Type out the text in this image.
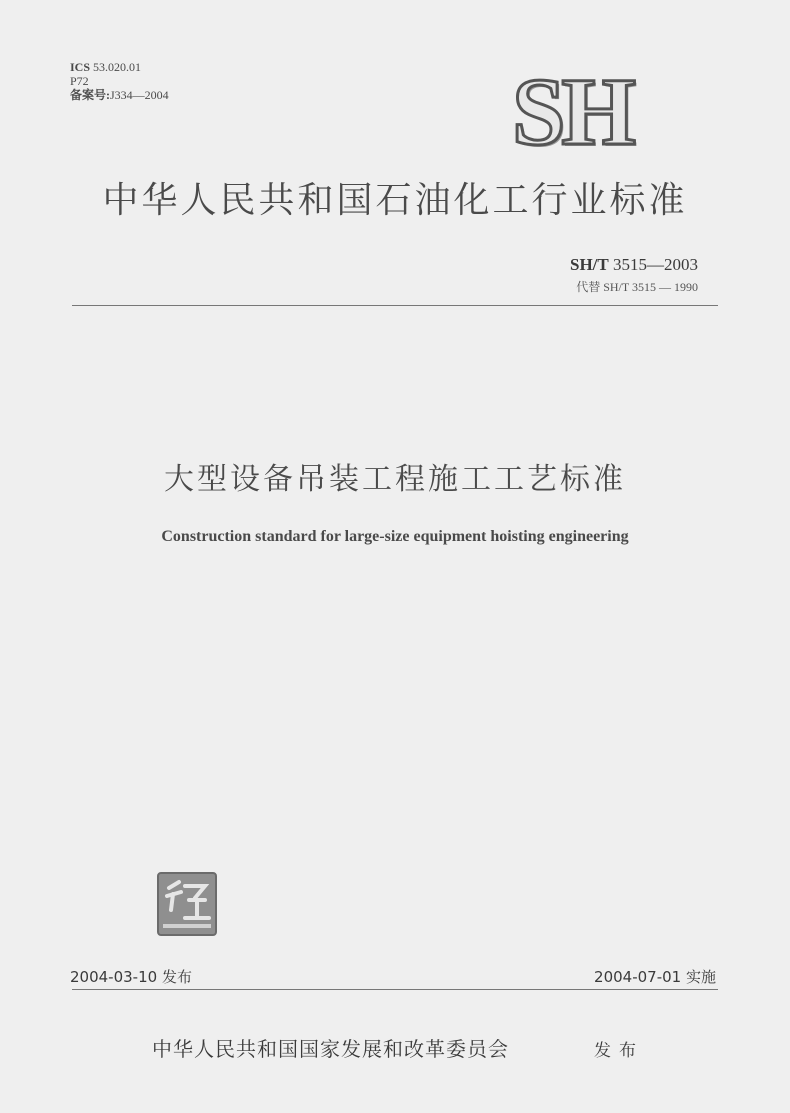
ICS 53.020.01
P72
备案号:J334—2004	SH
中华人民共和国石油化工行业标准
SH/T 3515—2003
代替 SH/T 3515 — 1990
大型设备吊装工程施工工艺标准
Construction standard for large-size equipment hoisting engineering
2004-03-10 发布	2004-07-01 实施
中华人民共和国国家发展和改革委员会	发布
